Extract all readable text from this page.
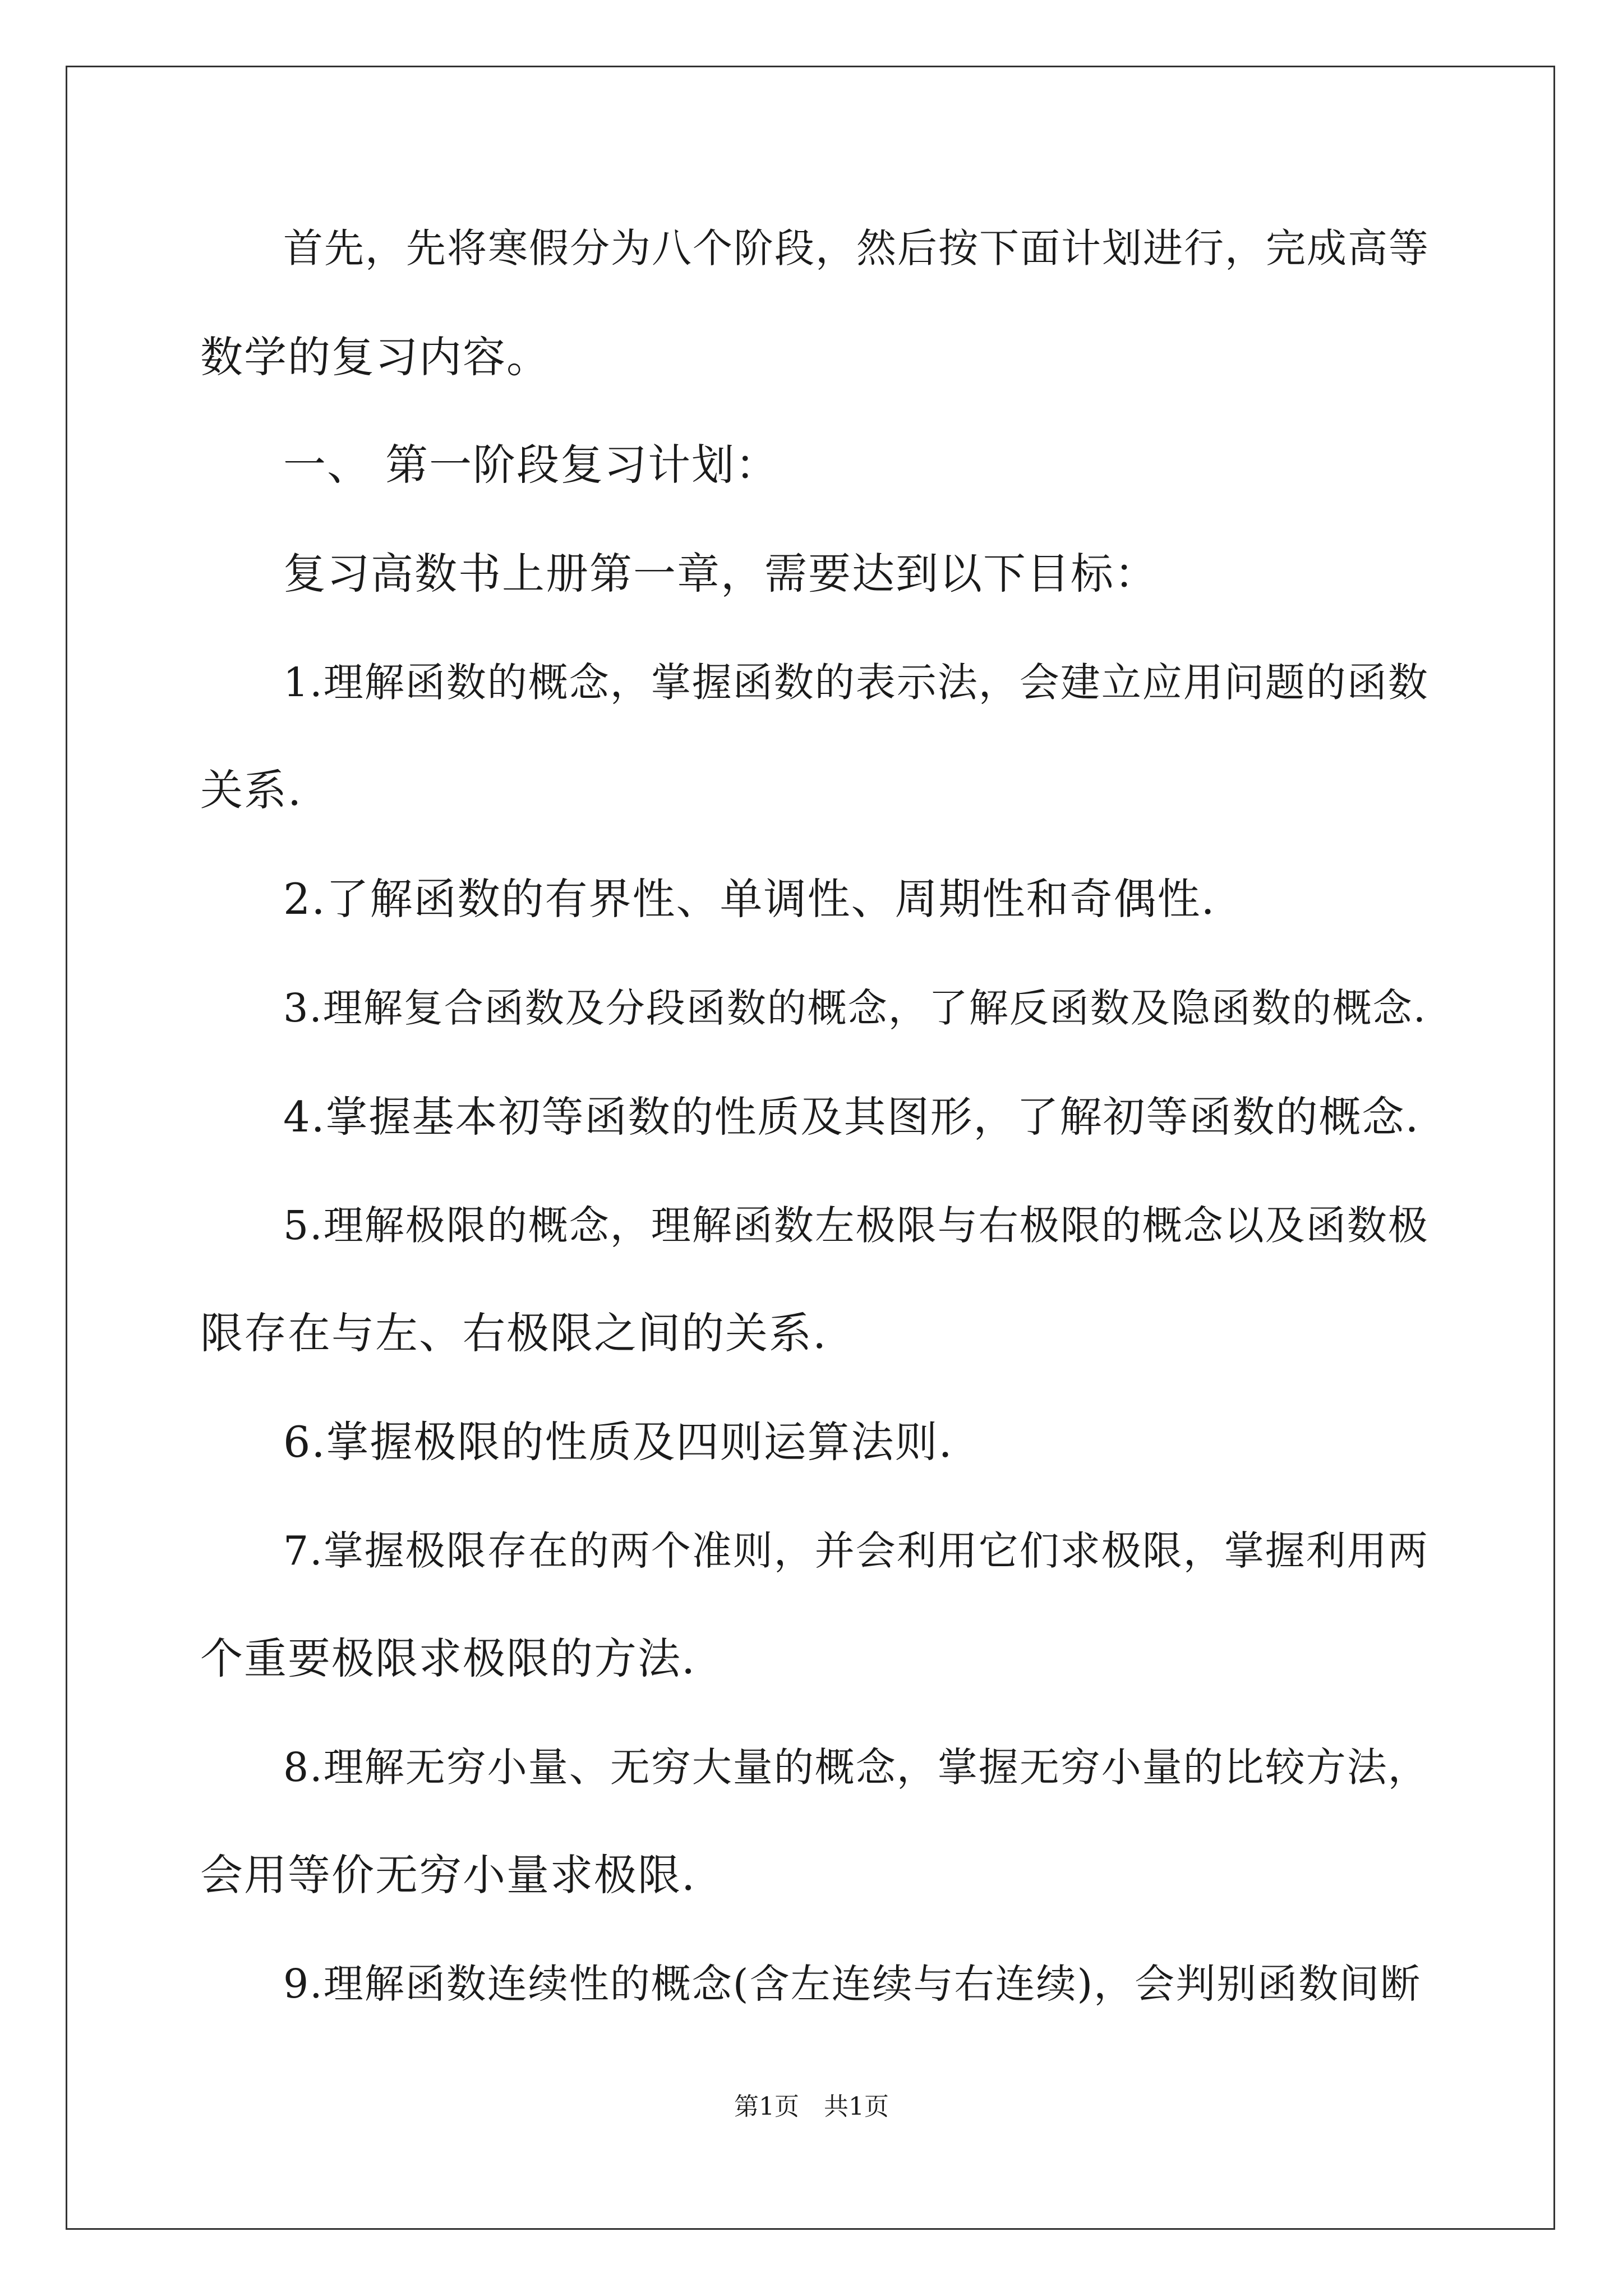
首先，先将寒假分为八个阶段，然后按下面计划进行，完成高等
数学的复习内容。
一、 第一阶段复习计划：
复习高数书上册第一章，需要达到以下目标：
1.理解函数的概念，掌握函数的表示法，会建立应用问题的函数
关系.
2.了解函数的有界性、单调性、周期性和奇偶性.
3.理解复合函数及分段函数的概念，了解反函数及隐函数的概念.
4.掌握基本初等函数的性质及其图形，了解初等函数的概念.
5.理解极限的概念，理解函数左极限与右极限的概念以及函数极
限存在与左、右极限之间的关系.
6.掌握极限的性质及四则运算法则.
7.掌握极限存在的两个准则，并会利用它们求极限，掌握利用两
个重要极限求极限的方法.
8.理解无穷小量、无穷大量的概念，掌握无穷小量的比较方法，
会用等价无穷小量求极限.
9.理解函数连续性的概念(含左连续与右连续)，会判别函数间断
第1页　共1页
